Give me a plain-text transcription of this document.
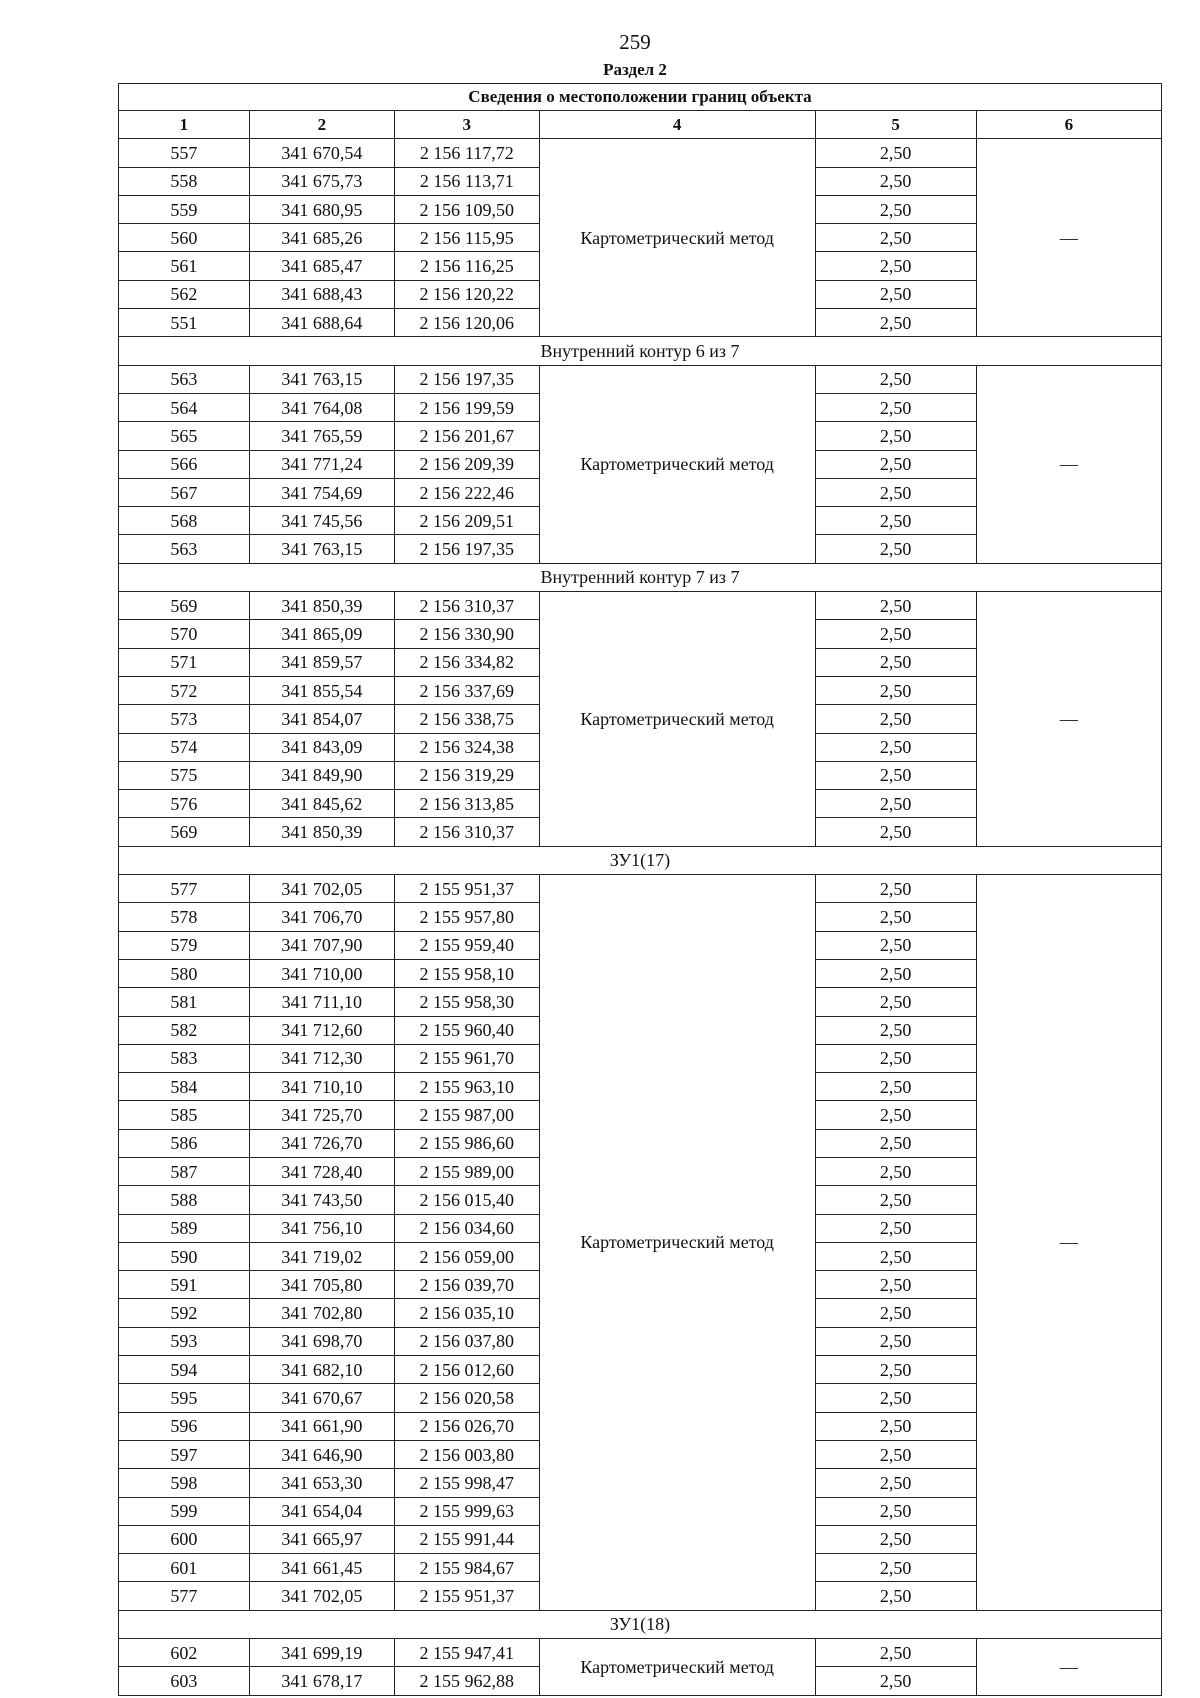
259
Раздел 2
Сведения о местоположении границ объекта					
1	2	3	4	5	6
557	341 670,54	2 156 117,72	Картометрический метод	2,50	—
558	341 675,73	2 156 113,71		2,50	
559	341 680,95	2 156 109,50		2,50	
560	341 685,26	2 156 115,95		2,50	
561	341 685,47	2 156 116,25		2,50	
562	341 688,43	2 156 120,22		2,50	
551	341 688,64	2 156 120,06		2,50	
Внутренний контур 6 из 7					
563	341 763,15	2 156 197,35	Картометрический метод	2,50	—
564	341 764,08	2 156 199,59		2,50	
565	341 765,59	2 156 201,67		2,50	
566	341 771,24	2 156 209,39		2,50	
567	341 754,69	2 156 222,46		2,50	
568	341 745,56	2 156 209,51		2,50	
563	341 763,15	2 156 197,35		2,50	
Внутренний контур 7 из 7					
569	341 850,39	2 156 310,37	Картометрический метод	2,50	—
570	341 865,09	2 156 330,90		2,50	
571	341 859,57	2 156 334,82		2,50	
572	341 855,54	2 156 337,69		2,50	
573	341 854,07	2 156 338,75		2,50	
574	341 843,09	2 156 324,38		2,50	
575	341 849,90	2 156 319,29		2,50	
576	341 845,62	2 156 313,85		2,50	
569	341 850,39	2 156 310,37		2,50	
ЗУ1(17)					
577	341 702,05	2 155 951,37	Картометрический метод	2,50	—
578	341 706,70	2 155 957,80		2,50	
579	341 707,90	2 155 959,40		2,50	
580	341 710,00	2 155 958,10		2,50	
581	341 711,10	2 155 958,30		2,50	
582	341 712,60	2 155 960,40		2,50	
583	341 712,30	2 155 961,70		2,50	
584	341 710,10	2 155 963,10		2,50	
585	341 725,70	2 155 987,00		2,50	
586	341 726,70	2 155 986,60		2,50	
587	341 728,40	2 155 989,00		2,50	
588	341 743,50	2 156 015,40		2,50	
589	341 756,10	2 156 034,60		2,50	
590	341 719,02	2 156 059,00		2,50	
591	341 705,80	2 156 039,70		2,50	
592	341 702,80	2 156 035,10		2,50	
593	341 698,70	2 156 037,80		2,50	
594	341 682,10	2 156 012,60		2,50	
595	341 670,67	2 156 020,58		2,50	
596	341 661,90	2 156 026,70		2,50	
597	341 646,90	2 156 003,80		2,50	
598	341 653,30	2 155 998,47		2,50	
599	341 654,04	2 155 999,63		2,50	
600	341 665,97	2 155 991,44		2,50	
601	341 661,45	2 155 984,67		2,50	
577	341 702,05	2 155 951,37		2,50	
ЗУ1(18)					
602	341 699,19	2 155 947,41	Картометрический метод	2,50	—
603	341 678,17	2 155 962,88		2,50	
